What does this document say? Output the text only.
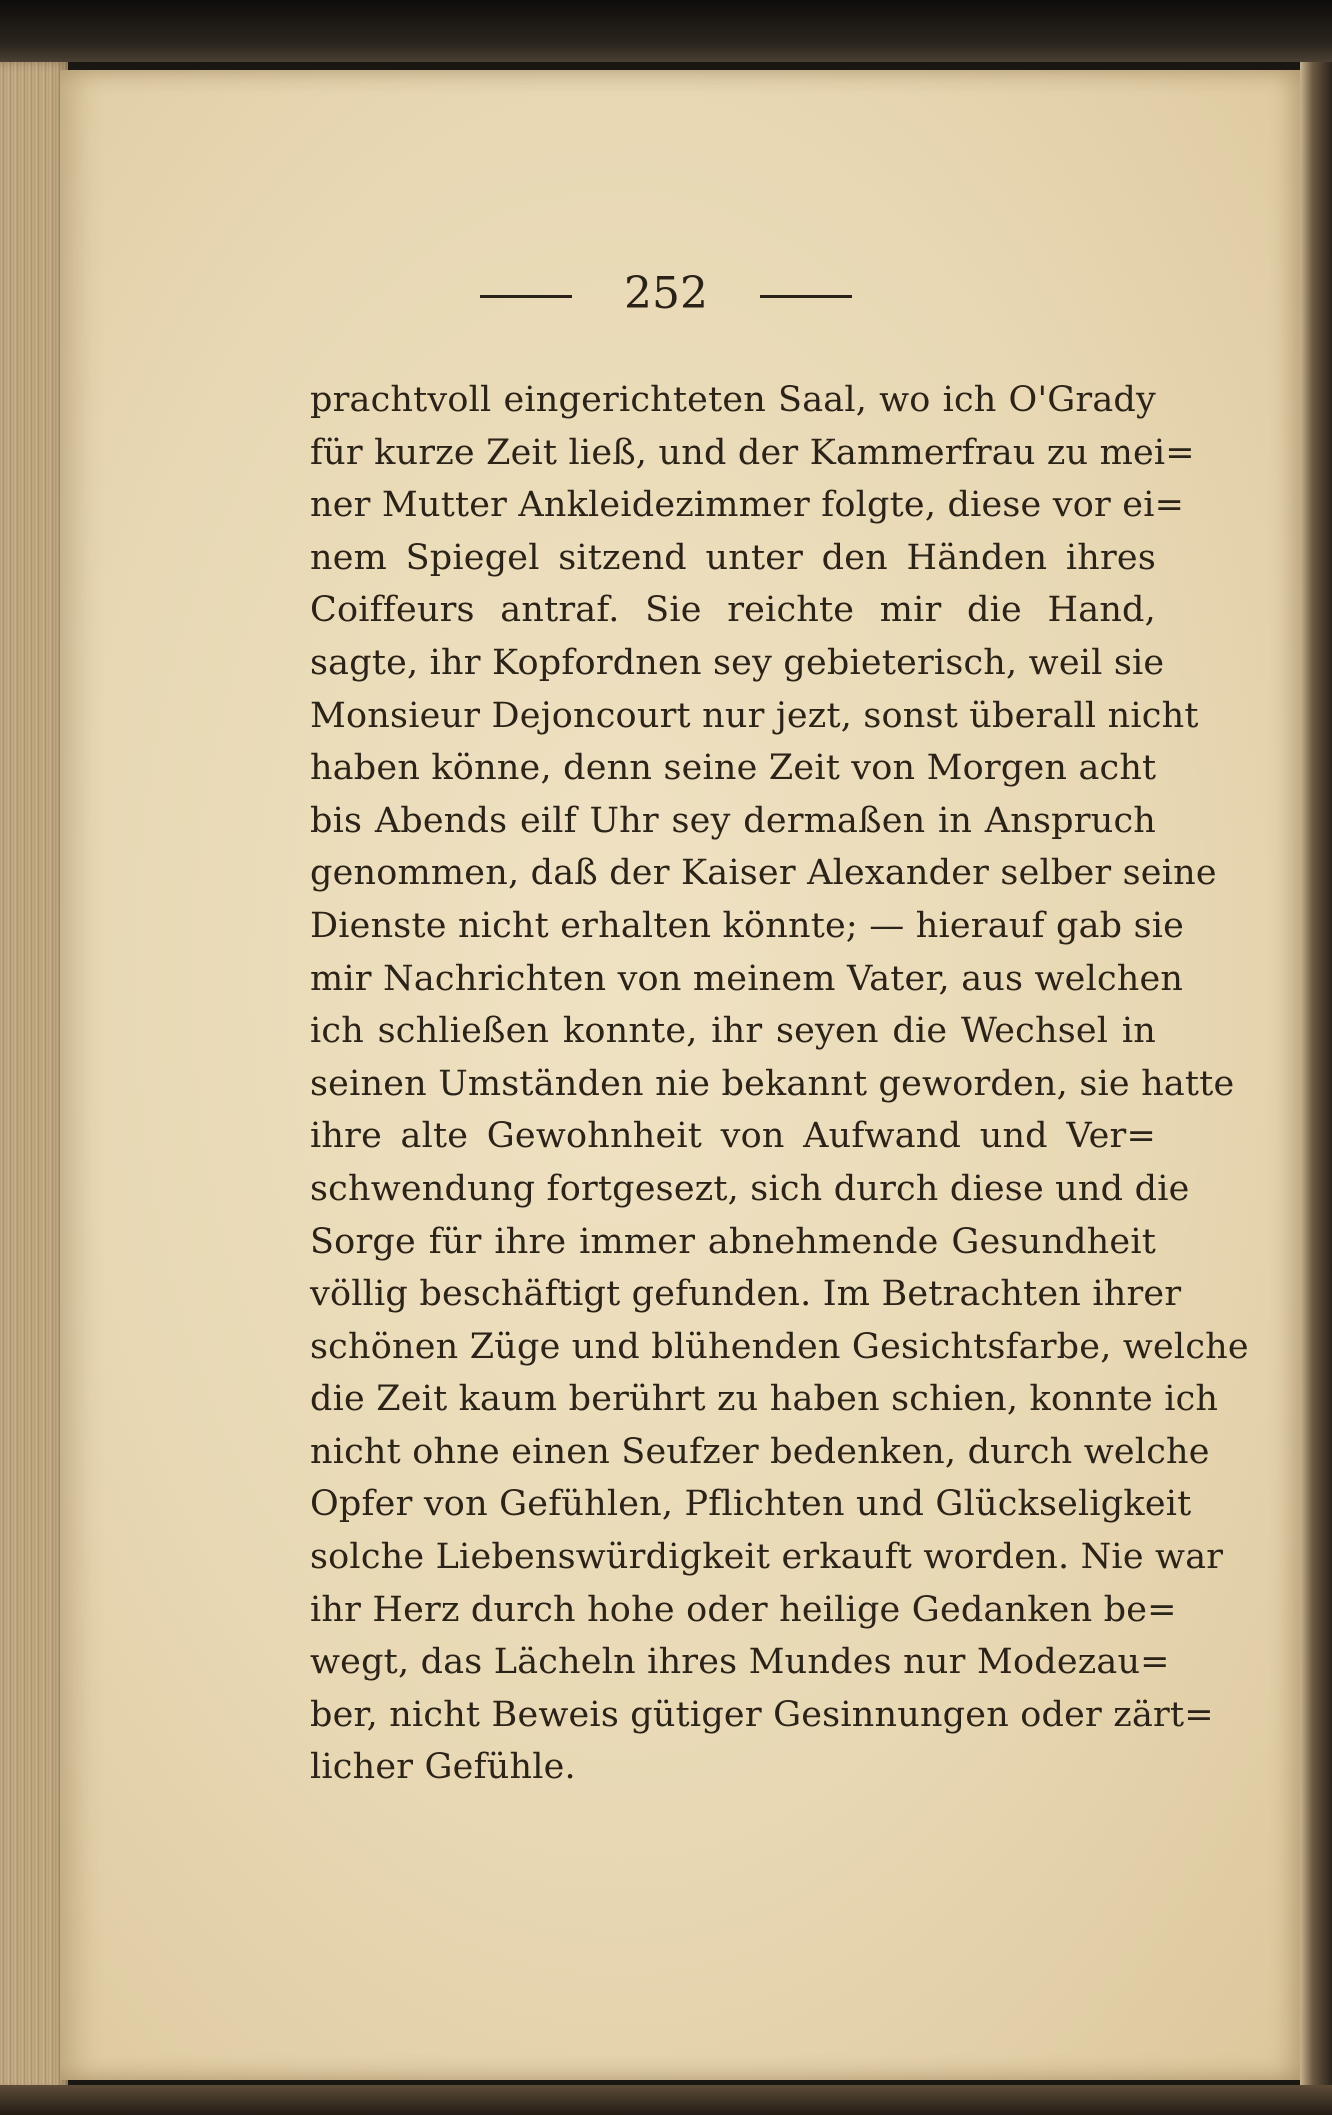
252
prachtvoll eingerichteten Saal, wo ich O'Grady
für kurze Zeit ließ, und der Kammerfrau zu mei=
ner Mutter Ankleidezimmer folgte, diese vor ei=
nem Spiegel sitzend unter den Händen ihres
Coiffeurs antraf. Sie reichte mir die Hand,
sagte, ihr Kopfordnen sey gebieterisch, weil sie
Monsieur Dejoncourt nur jezt, sonst überall nicht
haben könne, denn seine Zeit von Morgen acht
bis Abends eilf Uhr sey dermaßen in Anspruch
genommen, daß der Kaiser Alexander selber seine
Dienste nicht erhalten könnte; — hierauf gab sie
mir Nachrichten von meinem Vater, aus welchen
ich schließen konnte, ihr seyen die Wechsel in
seinen Umständen nie bekannt geworden, sie hatte
ihre alte Gewohnheit von Aufwand und Ver=
schwendung fortgesezt, sich durch diese und die
Sorge für ihre immer abnehmende Gesundheit
völlig beschäftigt gefunden. Im Betrachten ihrer
schönen Züge und blühenden Gesichtsfarbe, welche
die Zeit kaum berührt zu haben schien, konnte ich
nicht ohne einen Seufzer bedenken, durch welche
Opfer von Gefühlen, Pflichten und Glückseligkeit
solche Liebenswürdigkeit erkauft worden. Nie war
ihr Herz durch hohe oder heilige Gedanken be=
wegt, das Lächeln ihres Mundes nur Modezau=
ber, nicht Beweis gütiger Gesinnungen oder zärt=
licher Gefühle.
